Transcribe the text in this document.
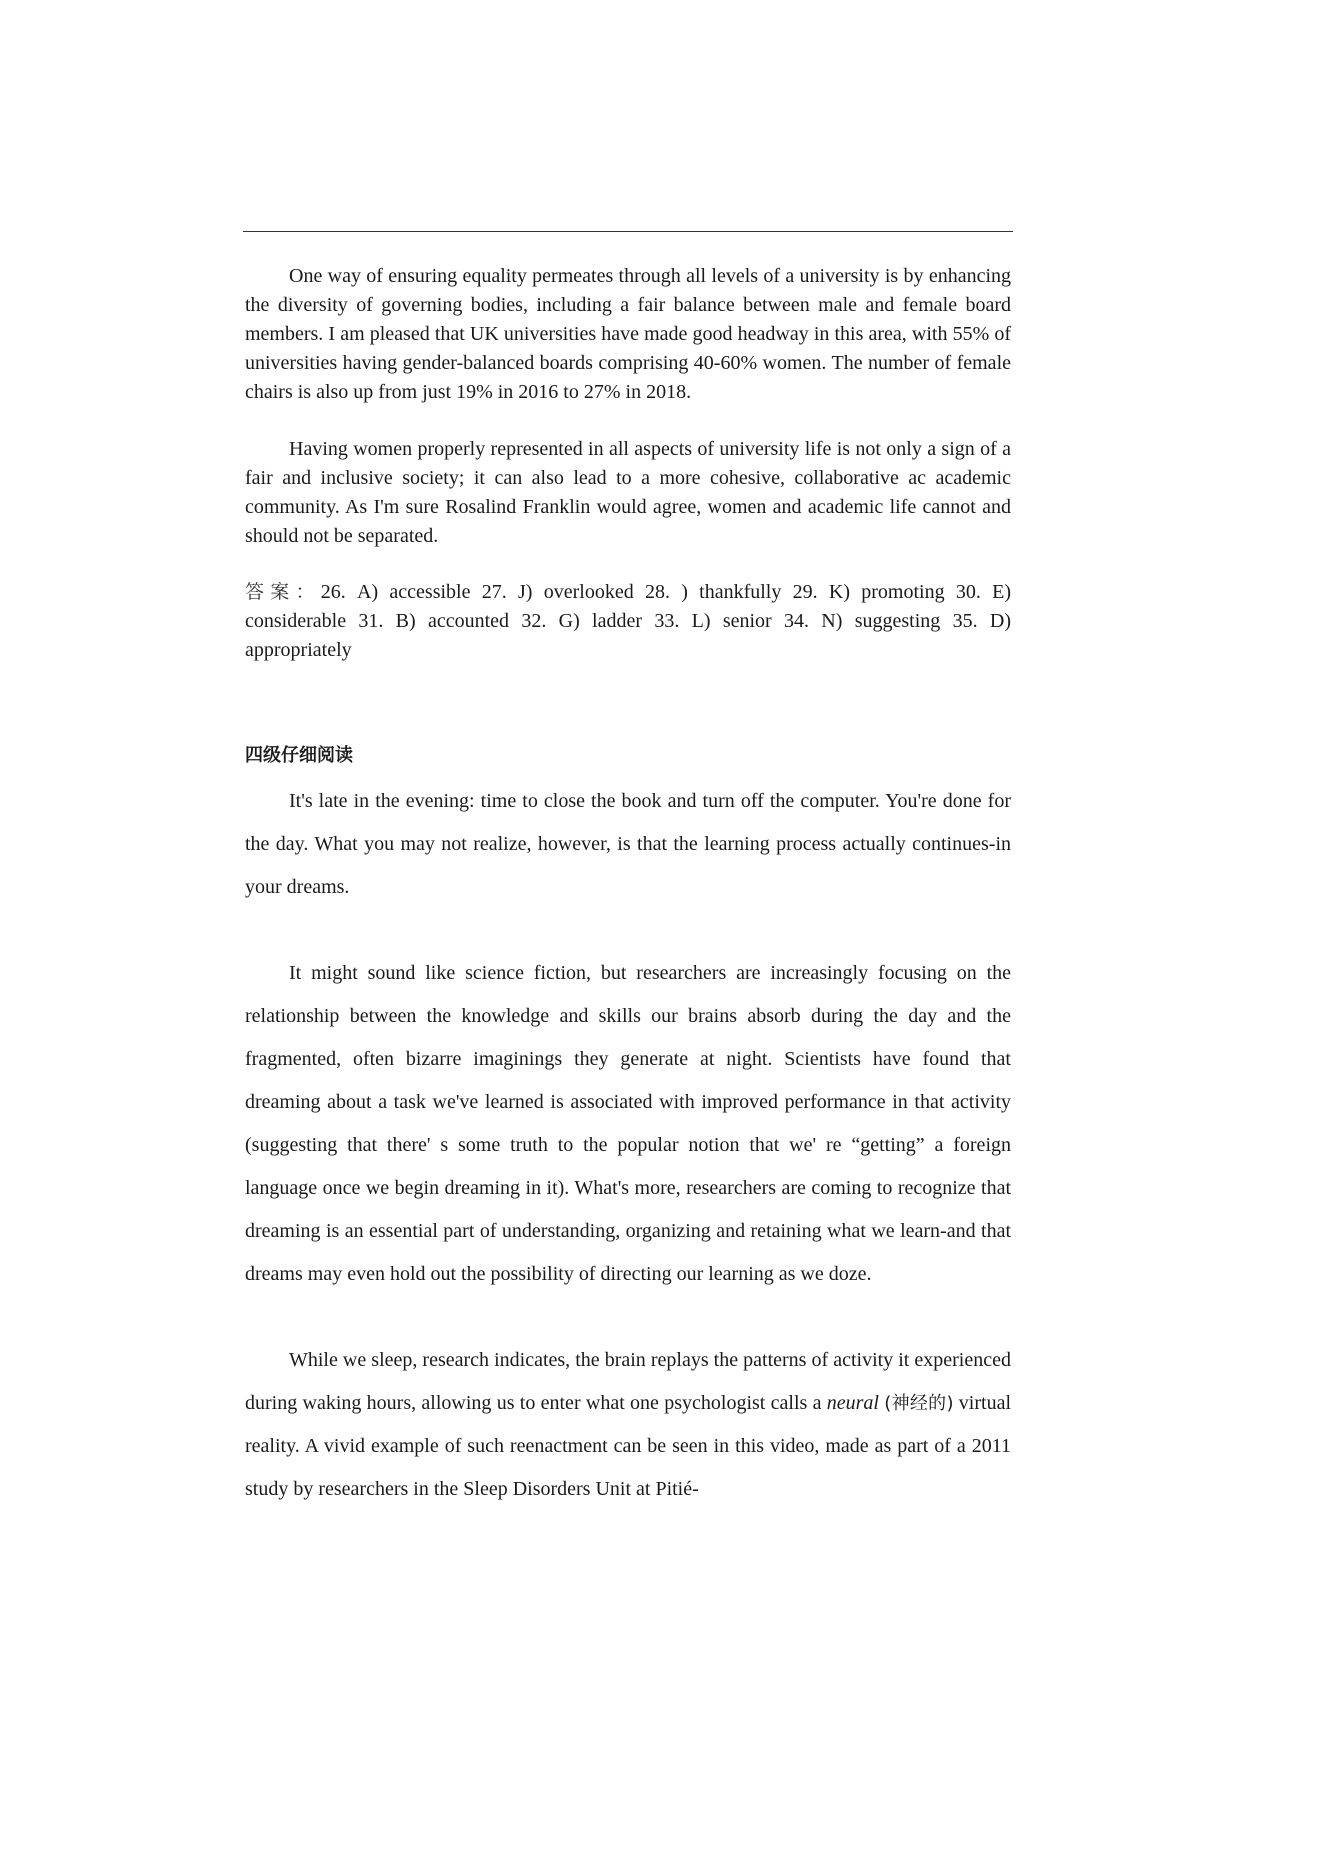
One way of ensuring equality permeates through all levels of a university is by enhancing the diversity of governing bodies, including a fair balance between male and female board members. I am pleased that UK universities have made good headway in this area, with 55% of universities having gender-balanced boards comprising 40-60% women. The number of female chairs is also up from just 19% in 2016 to 27% in 2018.

Having women properly represented in all aspects of university life is not only a sign of a fair and inclusive society; it can also lead to a more cohesive, collaborative ac academic community. As I'm sure Rosalind Franklin would agree, women and academic life cannot and should not be separated.

答案：26. A) accessible 27. J) overlooked 28. ) thankfully 29. K) promoting 30. E) considerable 31. B) accounted 32. G) ladder 33. L) senior 34. N) suggesting 35. D) appropriately
四级仔细阅读

It's late in the evening: time to close the book and turn off the computer. You're done for the day. What you may not realize, however, is that the learning process actually continues-in your dreams.

It might sound like science fiction, but researchers are increasingly focusing on the relationship between the knowledge and skills our brains absorb during the day and the fragmented, often bizarre imaginings they generate at night. Scientists have found that dreaming about a task we've learned is associated with improved performance in that activity (suggesting that there' s some truth to the popular notion that we' re “getting” a foreign language once we begin dreaming in it). What's more, researchers are coming to recognize that dreaming is an essential part of understanding, organizing and retaining what we learn-and that dreams may even hold out the possibility of directing our learning as we doze.

While we sleep, research indicates, the brain replays the patterns of activity it experienced during waking hours, allowing us to enter what one psychologist calls a neural (神经的) virtual reality. A vivid example of such reenactment can be seen in this video, made as part of a 2011 study by researchers in the Sleep Disorders Unit at Pitié-
